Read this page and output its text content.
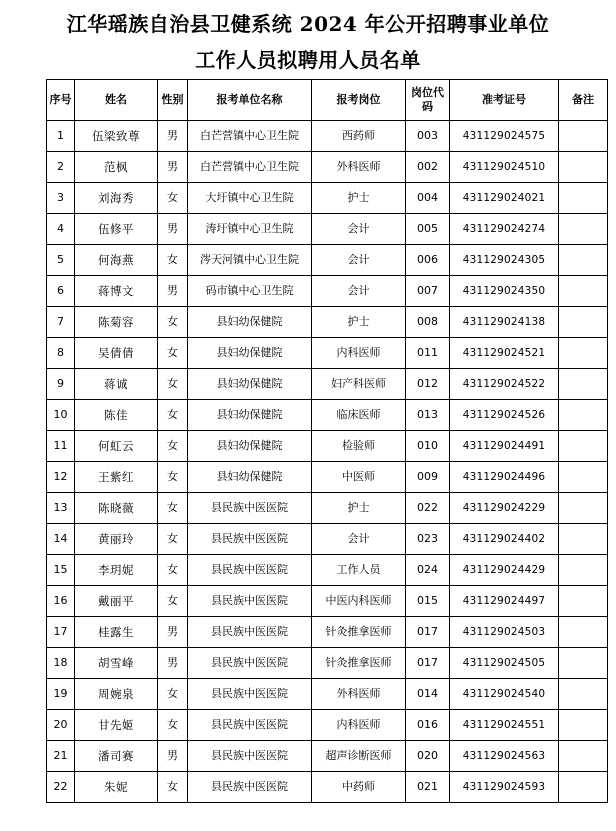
江华瑶族自治县卫健系统 2024 年公开招聘事业单位
工作人员拟聘用人员名单
序号	姓名	性别	报考单位名称	报考岗位	岗位代码	准考证号	备注
1	伍梁致尊	男	白芒营镇中心卫生院	西药师	003	431129024575	
2	范枫	男	白芒营镇中心卫生院	外科医师	002	431129024510	
3	刘海秀	女	大圩镇中心卫生院	护士	004	431129024021	
4	伍修平	男	涛圩镇中心卫生院	会计	005	431129024274	
5	何海燕	女	涔天河镇中心卫生院	会计	006	431129024305	
6	蒋博文	男	码市镇中心卫生院	会计	007	431129024350	
7	陈菊容	女	县妇幼保健院	护士	008	431129024138	
8	吴倩倩	女	县妇幼保健院	内科医师	011	431129024521	
9	蒋诚	女	县妇幼保健院	妇产科医师	012	431129024522	
10	陈佳	女	县妇幼保健院	临床医师	013	431129024526	
11	何虹云	女	县妇幼保健院	检验师	010	431129024491	
12	王紫红	女	县妇幼保健院	中医师	009	431129024496	
13	陈晓薇	女	县民族中医医院	护士	022	431129024229	
14	黄丽玲	女	县民族中医医院	会计	023	431129024402	
15	李玥妮	女	县民族中医医院	工作人员	024	431129024429	
16	戴丽平	女	县民族中医医院	中医内科医师	015	431129024497	
17	桂露生	男	县民族中医医院	针灸推拿医师	017	431129024503	
18	胡雪峰	男	县民族中医医院	针灸推拿医师	017	431129024505	
19	周婉泉	女	县民族中医医院	外科医师	014	431129024540	
20	甘先姬	女	县民族中医医院	内科医师	016	431129024551	
21	潘司赛	男	县民族中医医院	超声诊断医师	020	431129024563	
22	朱妮	女	县民族中医医院	中药师	021	431129024593	
